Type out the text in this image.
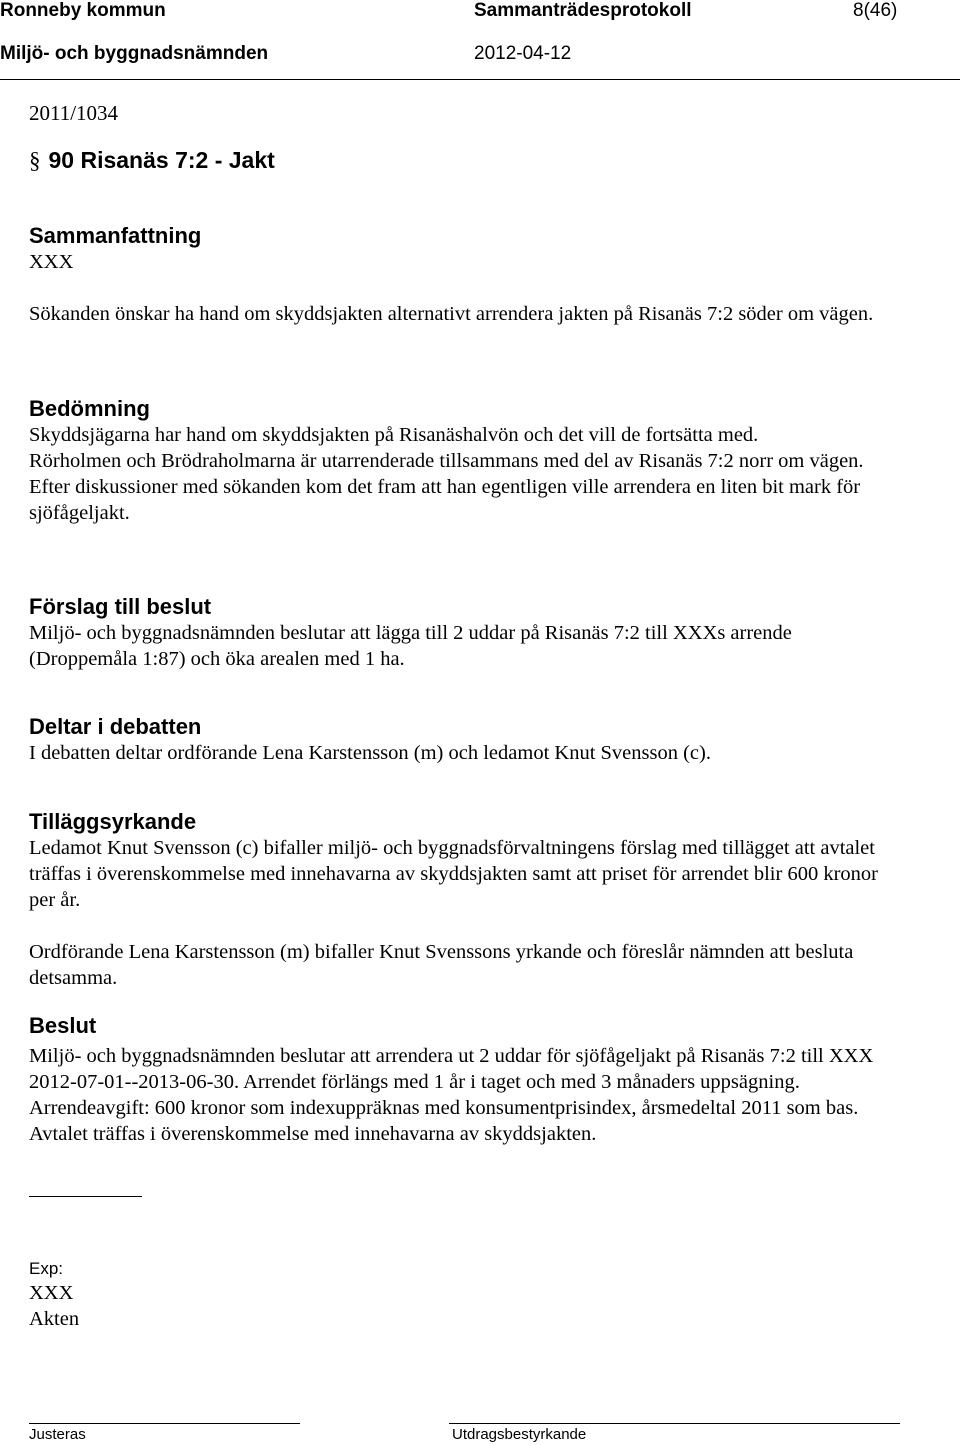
Ronneby kommun	Sammanträdesprotokoll	8(46)
Miljö- och byggnadsnämnden	2012-04-12
2011/1034
§ 90 Risanäs 7:2 - Jakt
Sammanfattning

XXX

Sökanden önskar ha hand om skyddsjakten alternativt arrendera jakten på Risanäs 7:2 söder om vägen.

Bedömning

Skyddsjägarna har hand om skyddsjakten på Risanäshalvön och det vill de fortsätta med.

Rörholmen och Brödraholmarna är utarrenderade tillsammans med del av Risanäs 7:2 norr om vägen.

Efter diskussioner med sökanden kom det fram att han egentligen ville arrendera en liten bit mark för sjöfågeljakt.

Förslag till beslut

Miljö- och byggnadsnämnden beslutar att lägga till 2 uddar på Risanäs 7:2 till XXXs arrende (Droppemåla 1:87) och öka arealen med 1 ha.

Deltar i debatten

I debatten deltar ordförande Lena Karstensson (m) och ledamot Knut Svensson (c).

Tilläggsyrkande

Ledamot Knut Svensson (c) bifaller miljö- och byggnadsförvaltningens förslag med tillägget att avtalet träffas i överenskommelse med innehavarna av skyddsjakten samt att priset för arrendet blir 600 kronor per år.

Ordförande Lena Karstensson (m) bifaller Knut Svenssons yrkande och föreslår nämnden att besluta detsamma.

Beslut

Miljö- och byggnadsnämnden beslutar att arrendera ut 2 uddar för sjöfågeljakt på Risanäs 7:2 till XXX 2012-07-01--2013-06-30. Arrendet förlängs med 1 år i taget och med 3 månaders uppsägning. Arrendeavgift: 600 kronor som indexuppräknas med konsumentprisindex, årsmedeltal 2011 som bas.

Avtalet träffas i överenskommelse med innehavarna av skyddsjakten.

Exp:
XXX
Akten
Justeras	Utdragsbestyrkande
